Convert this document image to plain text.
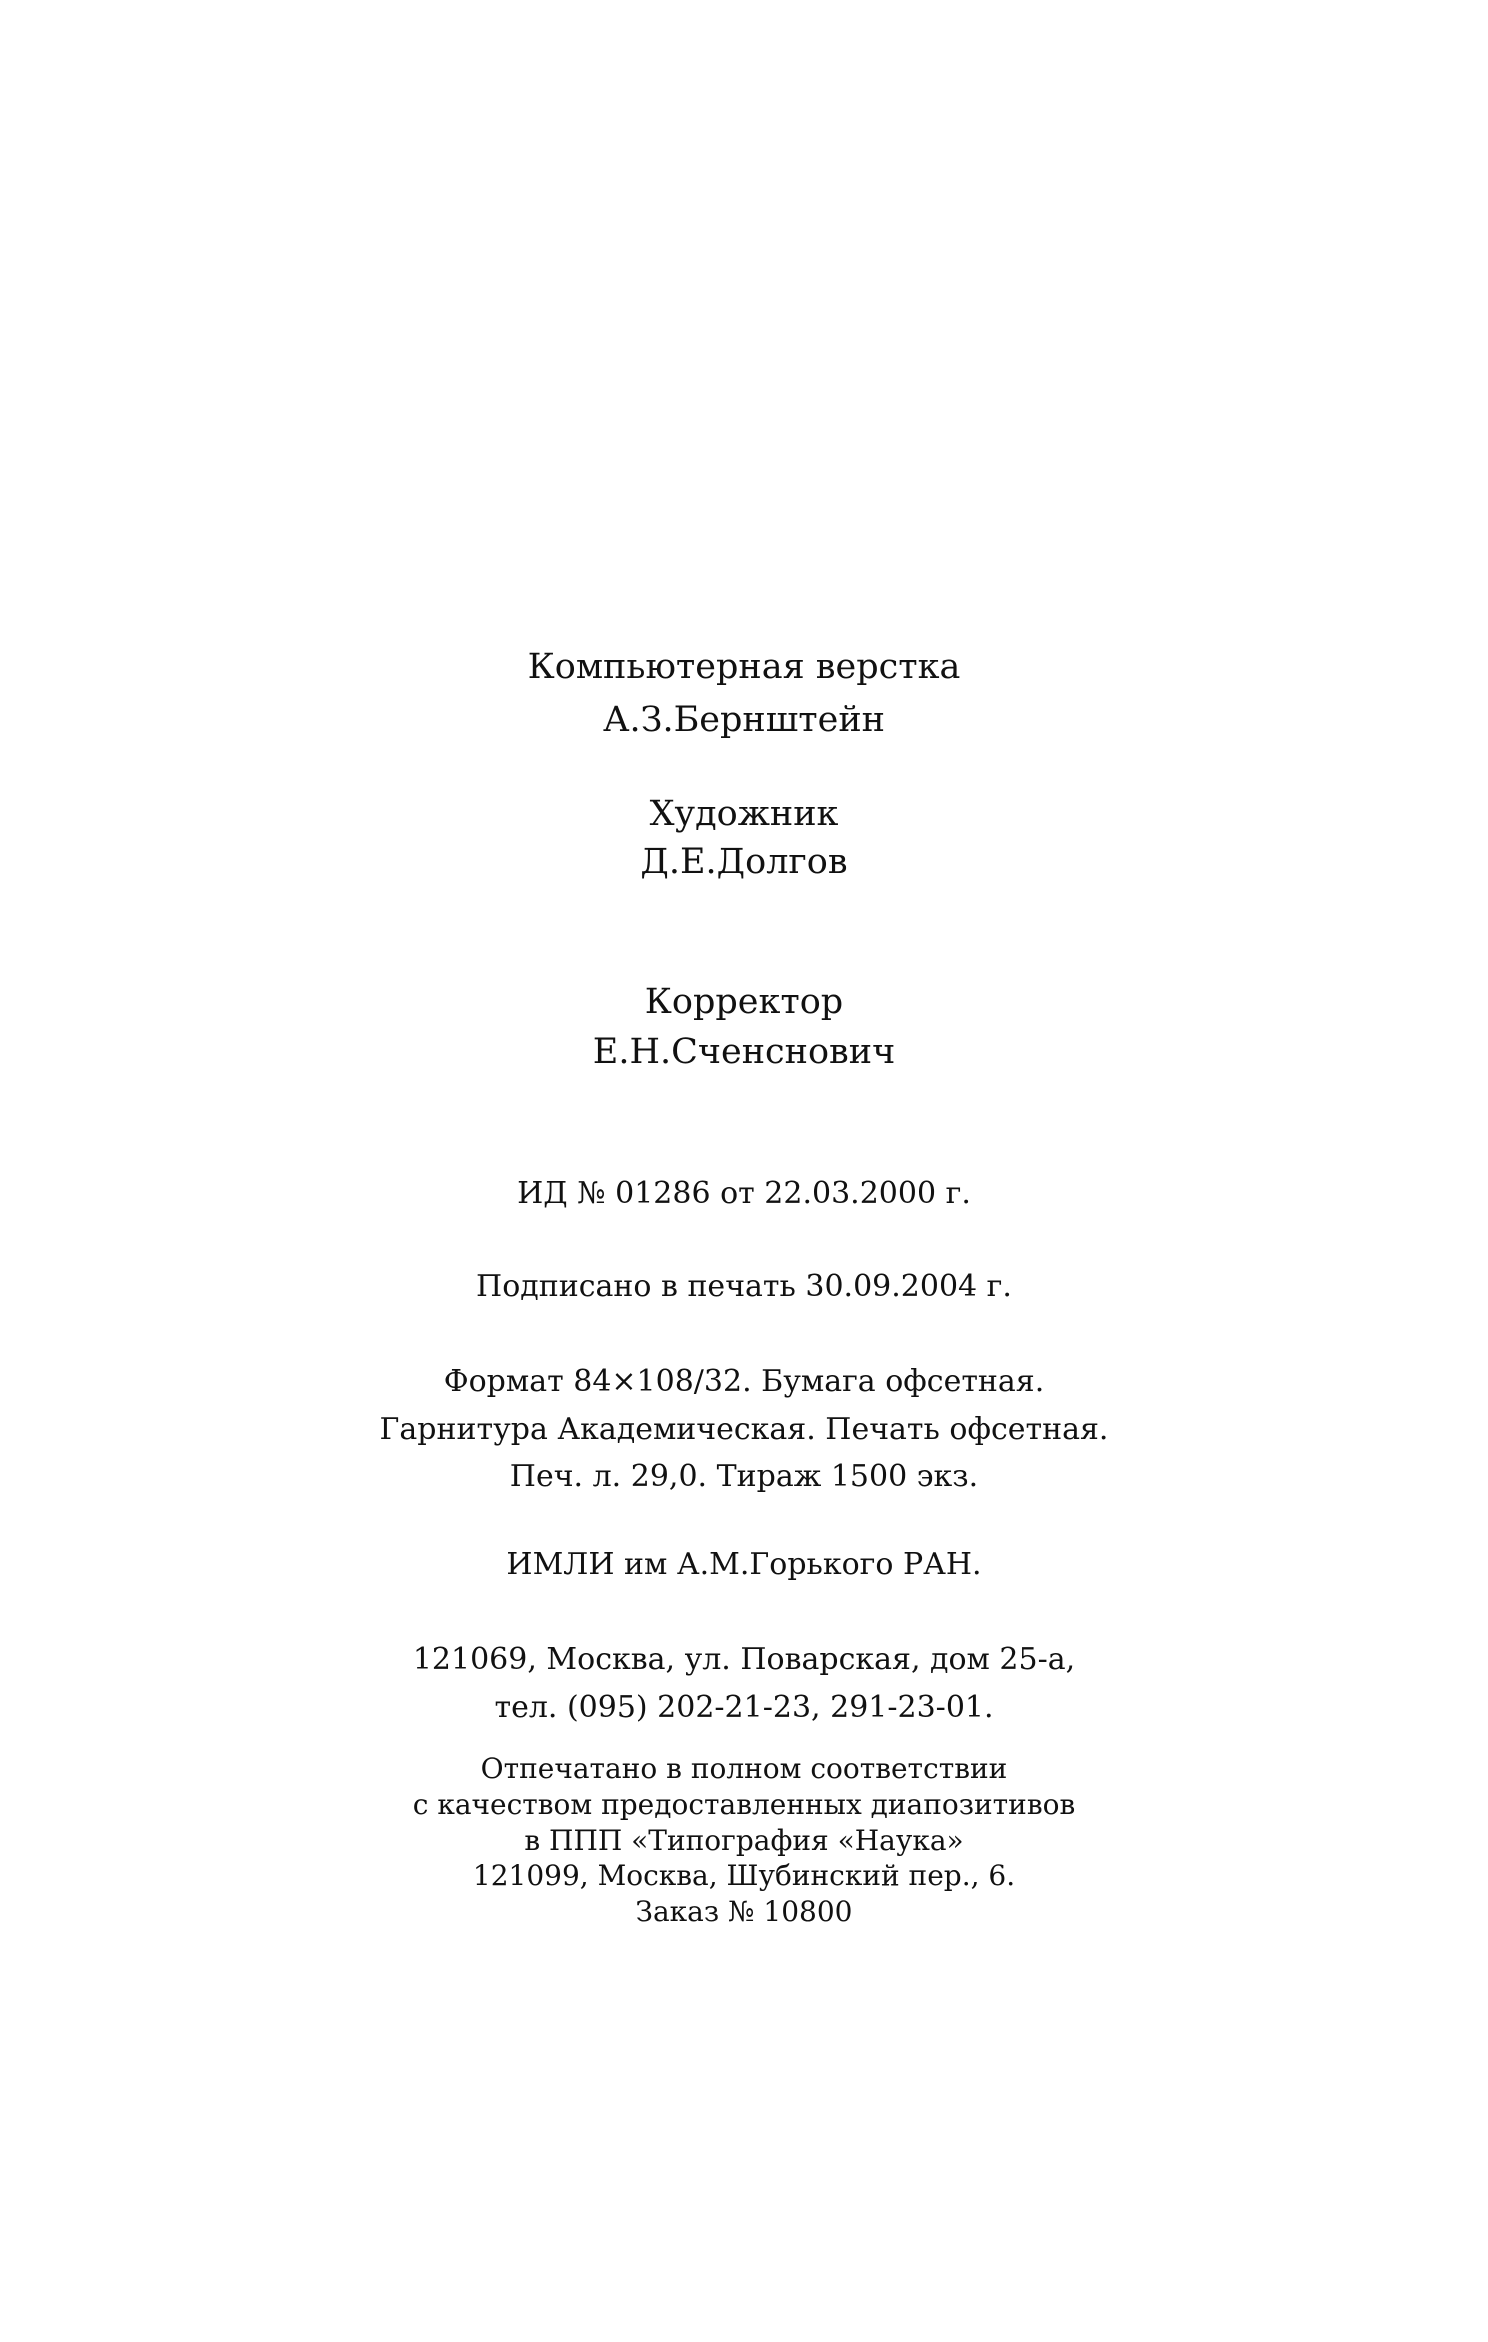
Компьютерная верстка
А.З.Бернштейн
Художник
Д.Е.Долгов
Корректор
Е.Н.Сченснович
ИД № 01286 от 22.03.2000 г.
Подписано в печать 30.09.2004 г.
Формат 84×108/32. Бумага офсетная.
Гарнитура Академическая. Печать офсетная.
Печ. л. 29,0. Тираж 1500 экз.
ИМЛИ им А.М.Горького РАН.
121069, Москва, ул. Поварская, дом 25-а,
тел. (095) 202-21-23, 291-23-01.
Отпечатано в полном соответствии
с качеством предоставленных диапозитивов
в ППП «Типография «Наука»
121099, Москва, Шубинский пер., 6.
Заказ № 10800
